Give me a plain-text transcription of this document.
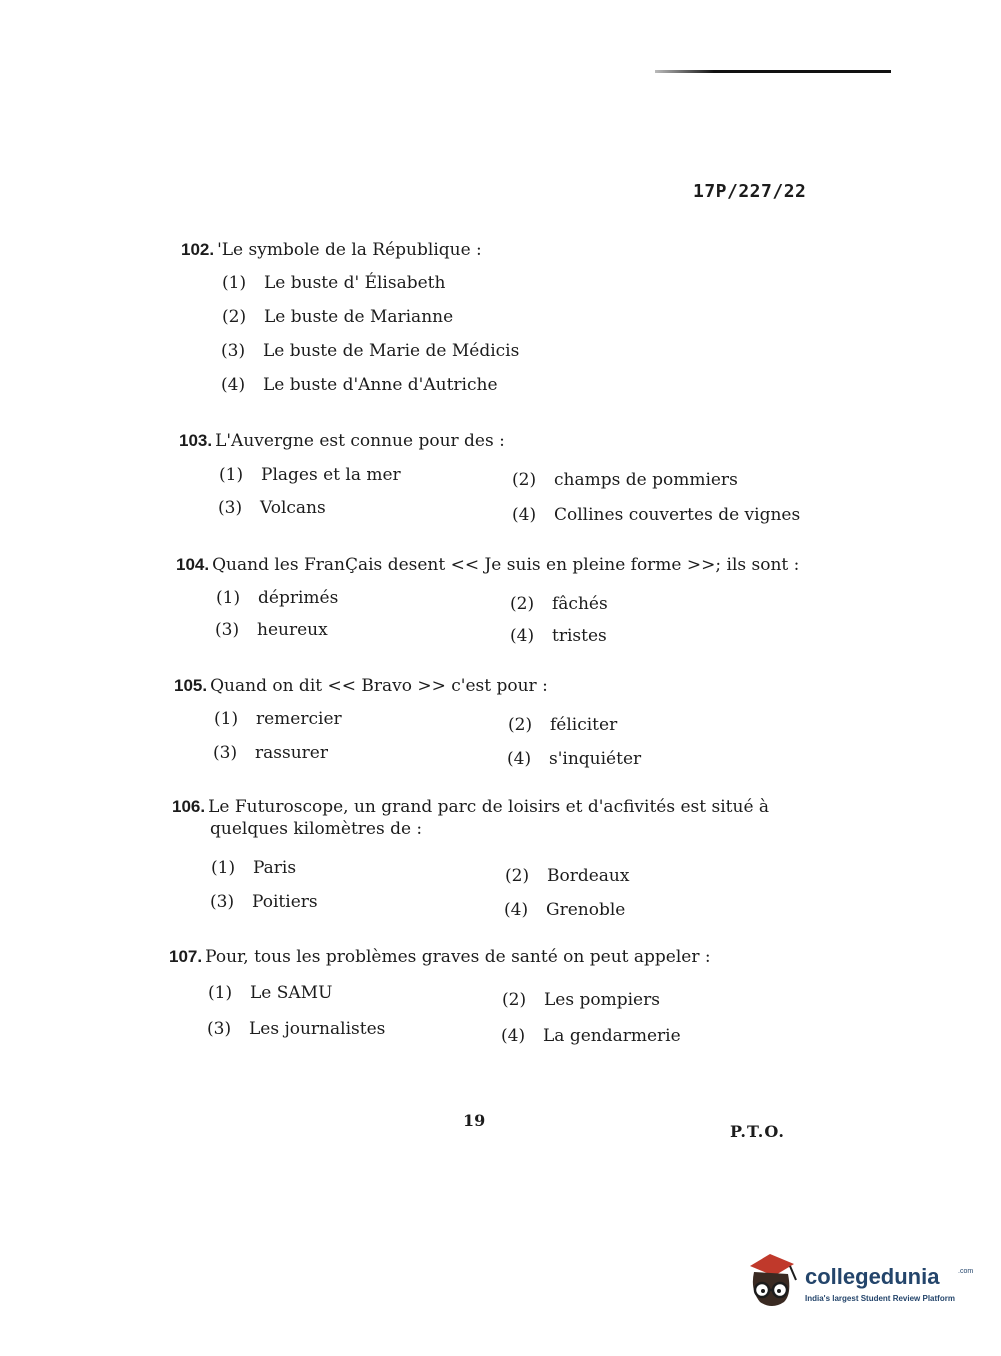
17P/227/22
102. 'Le symbole de la République :
(1) Le buste d' Élisabeth
(2) Le buste de Marianne
(3) Le buste de Marie de Médicis
(4) Le buste d'Anne d'Autriche
103. L'Auvergne est connue pour des :
(1) Plages et la mer	(2) champs de pommiers
(3) Volcans	(4) Collines couvertes de vignes
104. Quand les FranÇais desent << Je suis en pleine forme >>; ils sont :
(1) déprimés	(2) fâchés
(3) heureux	(4) tristes
105. Quand on dit << Bravo >> c'est pour :
(1) remercier	(2) féliciter
(3) rassurer	(4) s'inquiéter
106. Le Futuroscope, un grand parc de loisirs et d'acfivités est situé à
quelques kilomètres de :
(1) Paris	(2) Bordeaux
(3) Poitiers	(4) Grenoble
107. Pour, tous les problèmes graves de santé on peut appeler :
(1) Le SAMU	(2) Les pompiers
(3) Les journalistes	(4) La gendarmerie
19
P.T.O.
collegedunia	.com
India's largest Student Review Platform
